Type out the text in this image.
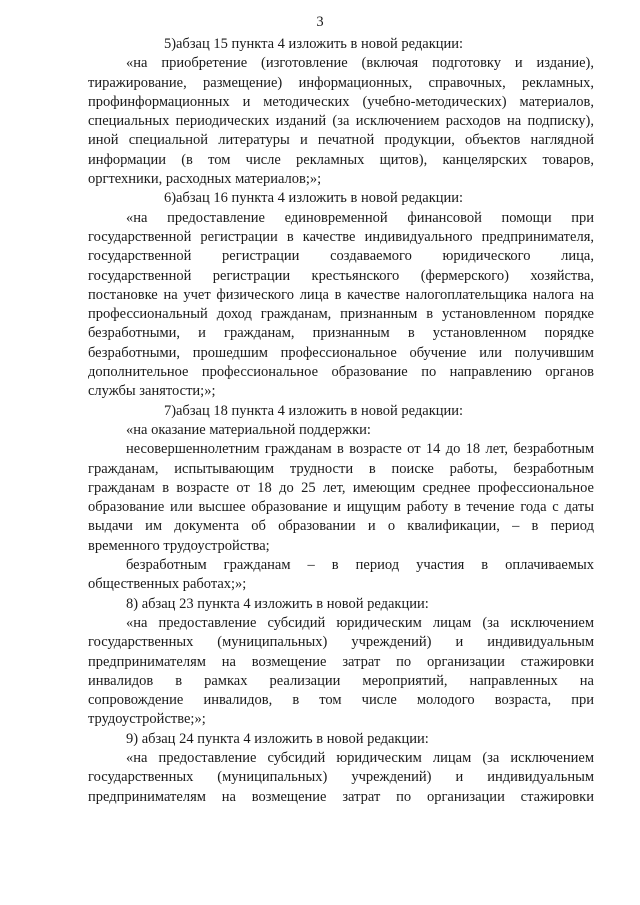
3
5)абзац 15 пункта 4 изложить в новой редакции:
«на приобретение (изготовление (включая подготовку и издание),
тиражирование, размещение) информационных, справочных, рекламных,
профинформационных и методических (учебно-методических) материалов,
специальных периодических изданий (за исключением расходов на подписку),
иной специальной литературы и печатной продукции, объектов наглядной
информации (в том числе рекламных щитов), канцелярских товаров,
оргтехники, расходных материалов;»;
6)абзац 16 пункта 4 изложить в новой редакции:
«на предоставление единовременной финансовой помощи при
государственной регистрации в качестве индивидуального предпринимателя,
государственной регистрации создаваемого юридического лица,
государственной регистрации крестьянского (фермерского) хозяйства,
постановке на учет физического лица в качестве налогоплательщика налога на
профессиональный доход гражданам, признанным в установленном порядке
безработными, и гражданам, признанным в установленном порядке
безработными, прошедшим профессиональное обучение или получившим
дополнительное профессиональное образование по направлению органов
службы занятости;»;
7)абзац 18 пункта 4 изложить в новой редакции:
«на оказание материальной поддержки:
несовершеннолетним гражданам в возрасте от 14 до 18 лет, безработным
гражданам, испытывающим трудности в поиске работы, безработным
гражданам в возрасте от 18 до 25 лет, имеющим среднее профессиональное
образование или высшее образование и ищущим работу в течение года с даты
выдачи им документа об образовании и о квалификации, – в период
временного трудоустройства;
безработным гражданам – в период участия в оплачиваемых
общественных работах;»;
8) абзац 23 пункта 4 изложить в новой редакции:
«на предоставление субсидий юридическим лицам (за исключением
государственных (муниципальных) учреждений) и индивидуальным
предпринимателям на возмещение затрат по организации стажировки
инвалидов в рамках реализации мероприятий, направленных на
сопровождение инвалидов, в том числе молодого возраста, при
трудоустройстве;»;
9) абзац 24 пункта 4 изложить в новой редакции:
«на предоставление субсидий юридическим лицам (за исключением
государственных (муниципальных) учреждений) и индивидуальным
предпринимателям на возмещение затрат по организации стажировки
